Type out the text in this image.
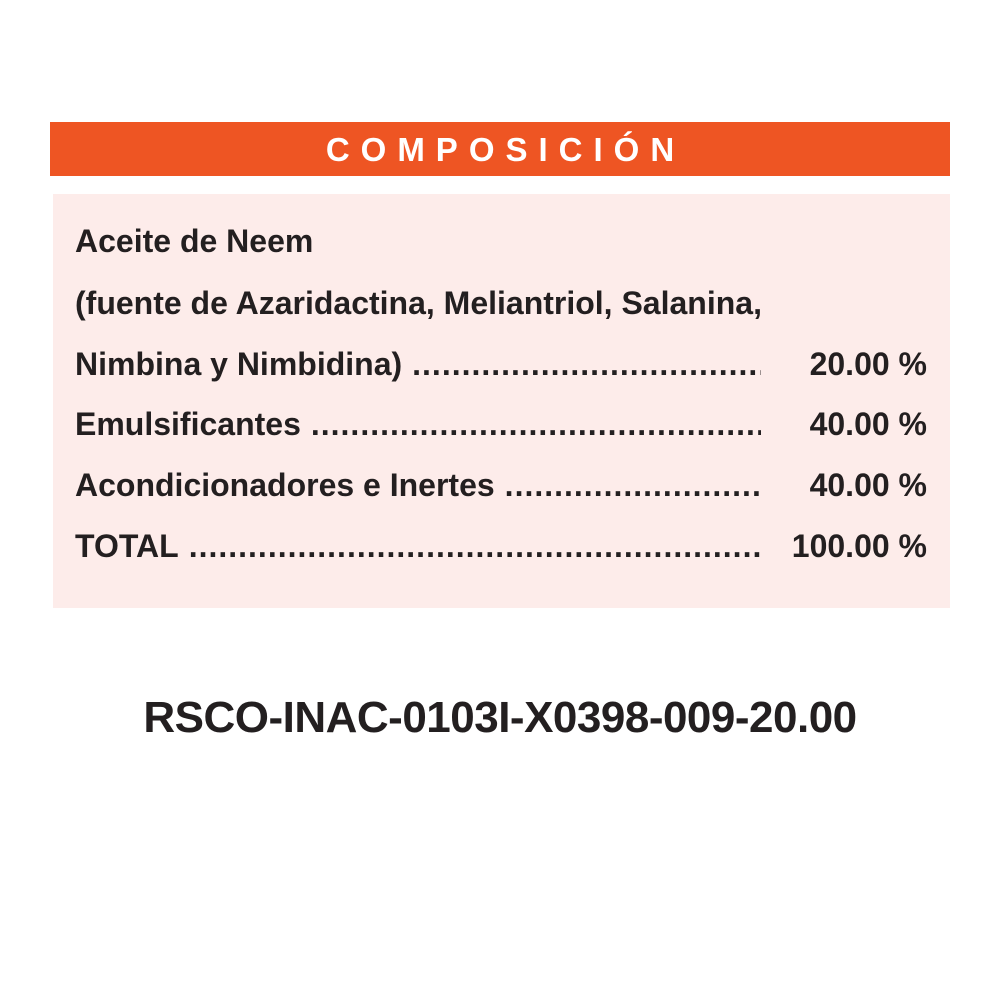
COMPOSICIÓN
Aceite de Neem
(fuente de Azaridactina, Meliantriol, Salanina,
Nimbina y Nimbidina) .....	20.00 %
Emulsificantes .....	40.00 %
Acondicionadores e Inertes .....	40.00 %
TOTAL .....	100.00 %
RSCO-INAC-0103I-X0398-009-20.00
